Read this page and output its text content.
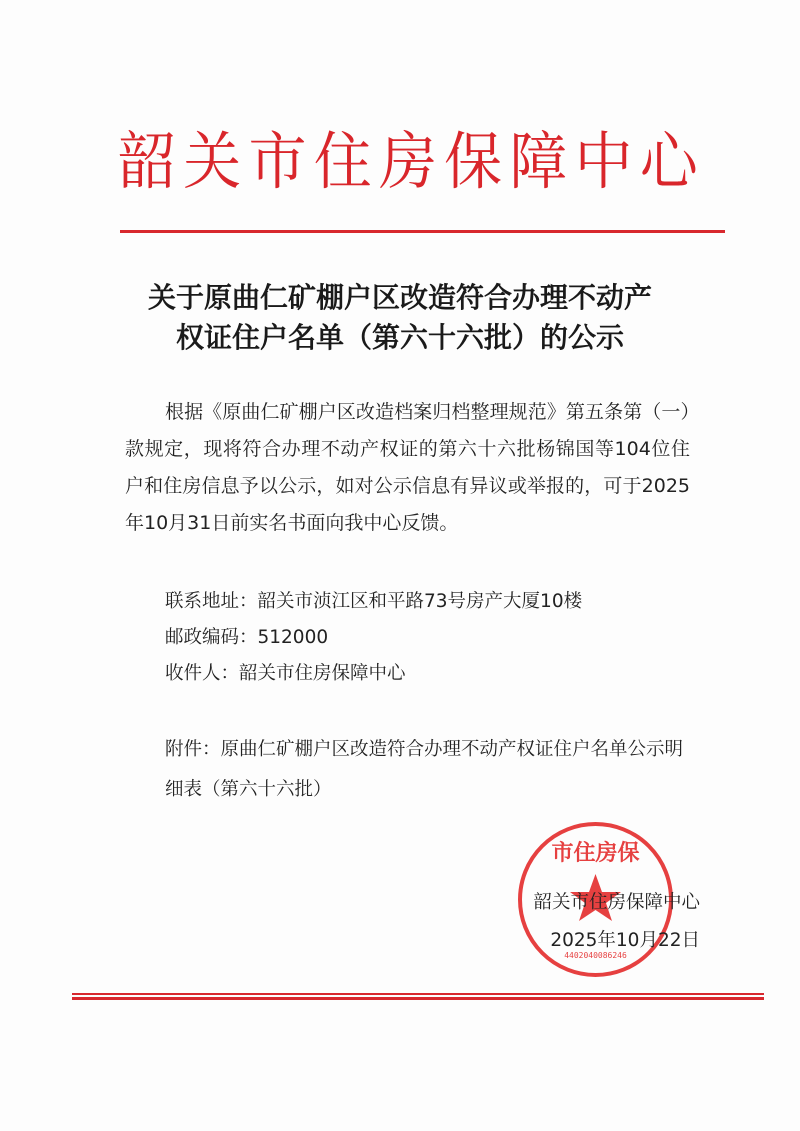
韶 关 市 住 房 保 障 中 心
关于原曲仁矿棚户区改造符合办理不动产
权证住户名单（第六十六批）的公示

根据《原曲仁矿棚户区改造档案归档整理规范》第五条第（一）款规定，现将符合办理不动产权证的第六十六批杨锦国等104位住户和住房信息予以公示，如对公示信息有异议或举报的，可于2025年10月31日前实名书面向我中心反馈。

联系地址：韶关市浈江区和平路73号房产大厦10楼
邮政编码：512000
收件人：韶关市住房保障中心
附件：原曲仁矿棚户区改造符合办理不动产权证住户名单公示明细表（第六十六批）
市住房保
4402040086246
韶关市住房保障中心
2025年10月22日
